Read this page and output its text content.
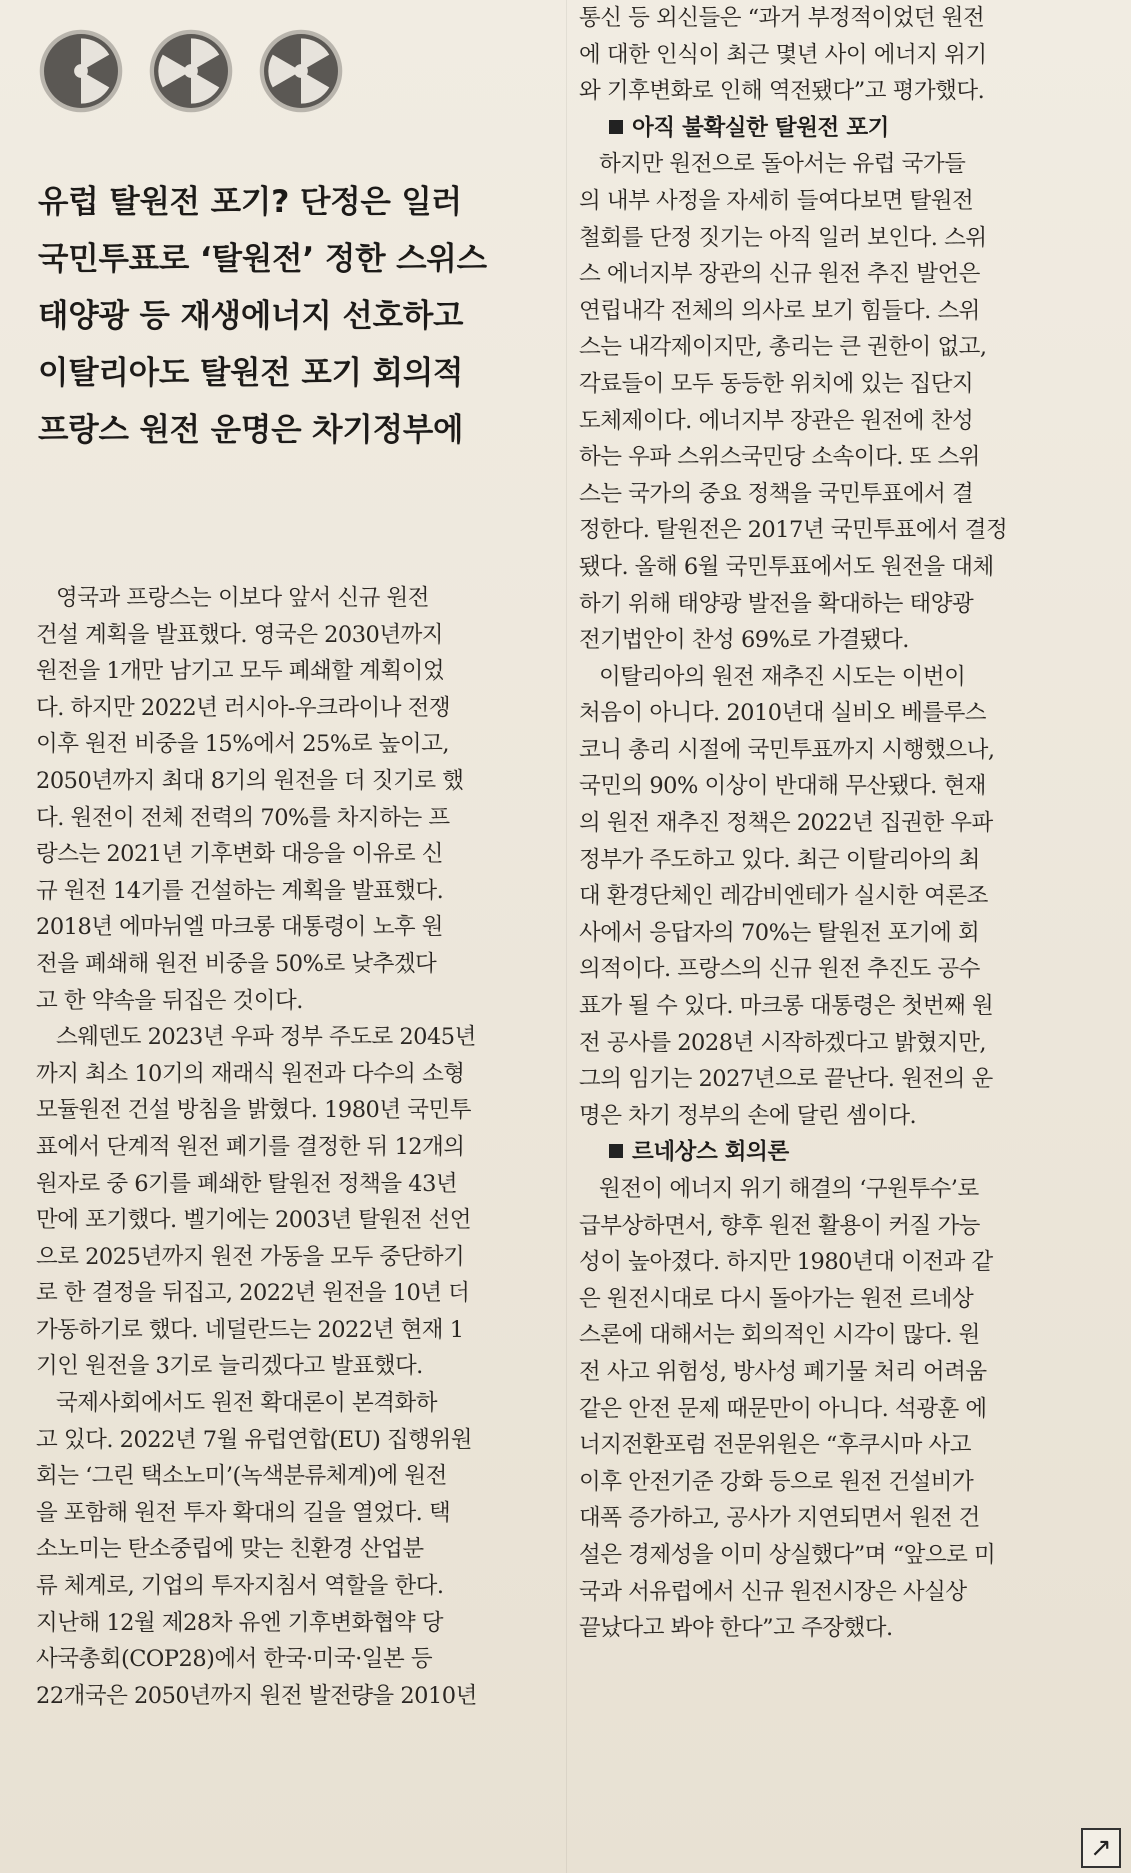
유럽 탈원전 포기? 단정은 일러
국민투표로 ‘탈원전’ 정한 스위스
태양광 등 재생에너지 선호하고
이탈리아도 탈원전 포기 회의적
프랑스 원전 운명은 차기정부에
영국과 프랑스는 이보다 앞서 신규 원전
건설 계획을 발표했다. 영국은 2030년까지
원전을 1개만 남기고 모두 폐쇄할 계획이었
다. 하지만 2022년 러시아-우크라이나 전쟁
이후 원전 비중을 15%에서 25%로 높이고,
2050년까지 최대 8기의 원전을 더 짓기로 했
다. 원전이 전체 전력의 70%를 차지하는 프
랑스는 2021년 기후변화 대응을 이유로 신
규 원전 14기를 건설하는 계획을 발표했다.
2018년 에마뉘엘 마크롱 대통령이 노후 원
전을 폐쇄해 원전 비중을 50%로 낮추겠다
고 한 약속을 뒤집은 것이다.
스웨덴도 2023년 우파 정부 주도로 2045년
까지 최소 10기의 재래식 원전과 다수의 소형
모듈원전 건설 방침을 밝혔다. 1980년 국민투
표에서 단계적 원전 폐기를 결정한 뒤 12개의
원자로 중 6기를 폐쇄한 탈원전 정책을 43년
만에 포기했다. 벨기에는 2003년 탈원전 선언
으로 2025년까지 원전 가동을 모두 중단하기
로 한 결정을 뒤집고, 2022년 원전을 10년 더
가동하기로 했다. 네덜란드는 2022년 현재 1
기인 원전을 3기로 늘리겠다고 발표했다.
국제사회에서도 원전 확대론이 본격화하
고 있다. 2022년 7월 유럽연합(EU) 집행위원
회는 ‘그린 택소노미’(녹색분류체계)에 원전
을 포함해 원전 투자 확대의 길을 열었다. 택
소노미는 탄소중립에 맞는 친환경 산업분
류 체계로, 기업의 투자지침서 역할을 한다.
지난해 12월 제28차 유엔 기후변화협약 당
사국총회(COP28)에서 한국·미국·일본 등
22개국은 2050년까지 원전 발전량을 2010년
통신 등 외신들은 “과거 부정적이었던 원전
에 대한 인식이 최근 몇년 사이 에너지 위기
와 기후변화로 인해 역전됐다”고 평가했다.
아직 불확실한 탈원전 포기
하지만 원전으로 돌아서는 유럽 국가들
의 내부 사정을 자세히 들여다보면 탈원전
철회를 단정 짓기는 아직 일러 보인다. 스위
스 에너지부 장관의 신규 원전 추진 발언은
연립내각 전체의 의사로 보기 힘들다. 스위
스는 내각제이지만, 총리는 큰 권한이 없고,
각료들이 모두 동등한 위치에 있는 집단지
도체제이다. 에너지부 장관은 원전에 찬성
하는 우파 스위스국민당 소속이다. 또 스위
스는 국가의 중요 정책을 국민투표에서 결
정한다. 탈원전은 2017년 국민투표에서 결정
됐다. 올해 6월 국민투표에서도 원전을 대체
하기 위해 태양광 발전을 확대하는 태양광
전기법안이 찬성 69%로 가결됐다.
이탈리아의 원전 재추진 시도는 이번이
처음이 아니다. 2010년대 실비오 베를루스
코니 총리 시절에 국민투표까지 시행했으나,
국민의 90% 이상이 반대해 무산됐다. 현재
의 원전 재추진 정책은 2022년 집권한 우파
정부가 주도하고 있다. 최근 이탈리아의 최
대 환경단체인 레감비엔테가 실시한 여론조
사에서 응답자의 70%는 탈원전 포기에 회
의적이다. 프랑스의 신규 원전 추진도 공수
표가 될 수 있다. 마크롱 대통령은 첫번째 원
전 공사를 2028년 시작하겠다고 밝혔지만,
그의 임기는 2027년으로 끝난다. 원전의 운
명은 차기 정부의 손에 달린 셈이다.
르네상스 회의론
원전이 에너지 위기 해결의 ‘구원투수’로
급부상하면서, 향후 원전 활용이 커질 가능
성이 높아졌다. 하지만 1980년대 이전과 같
은 원전시대로 다시 돌아가는 원전 르네상
스론에 대해서는 회의적인 시각이 많다. 원
전 사고 위험성, 방사성 폐기물 처리 어려움
같은 안전 문제 때문만이 아니다. 석광훈 에
너지전환포럼 전문위원은 “후쿠시마 사고
이후 안전기준 강화 등으로 원전 건설비가
대폭 증가하고, 공사가 지연되면서 원전 건
설은 경제성을 이미 상실했다”며 “앞으로 미
국과 서유럽에서 신규 원전시장은 사실상
끝났다고 봐야 한다”고 주장했다.
↗
